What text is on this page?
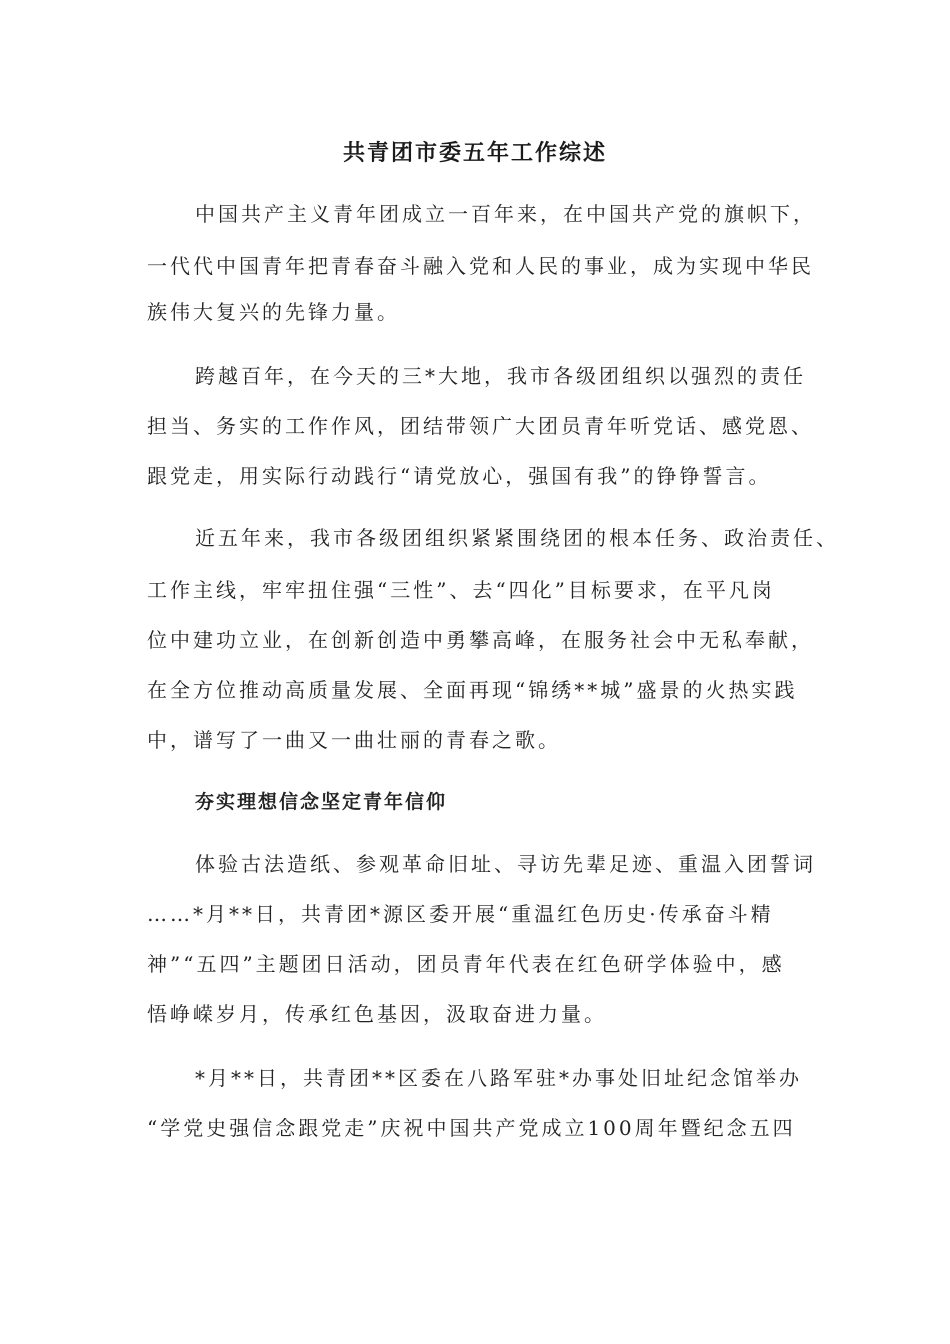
共青团市委五年工作综述

中国共产主义青年团成立一百年来，在中国共产党的旗帜下，

一代代中国青年把青春奋斗融入党和人民的事业，成为实现中华民

族伟大复兴的先锋力量。

跨越百年，在今天的三*大地，我市各级团组织以强烈的责任

担当、务实的工作作风，团结带领广大团员青年听党话、感党恩、

跟党走，用实际行动践行“请党放心，强国有我”的铮铮誓言。

近五年来，我市各级团组织紧紧围绕团的根本任务、政治责任、

工作主线，牢牢扭住强“三性”、去“四化”目标要求，在平凡岗

位中建功立业，在创新创造中勇攀高峰，在服务社会中无私奉献，

在全方位推动高质量发展、全面再现“锦绣**城”盛景的火热实践

中，谱写了一曲又一曲壮丽的青春之歌。

夯实理想信念坚定青年信仰

体验古法造纸、参观革命旧址、寻访先辈足迹、重温入团誓词

……*月**日，共青团*源区委开展“重温红色历史·传承奋斗精

神”“五四”主题团日活动，团员青年代表在红色研学体验中，感

悟峥嵘岁月，传承红色基因，汲取奋进力量。

*月**日，共青团**区委在八路军驻*办事处旧址纪念馆举办

“学党史强信念跟党走”庆祝中国共产党成立100周年暨纪念五四
